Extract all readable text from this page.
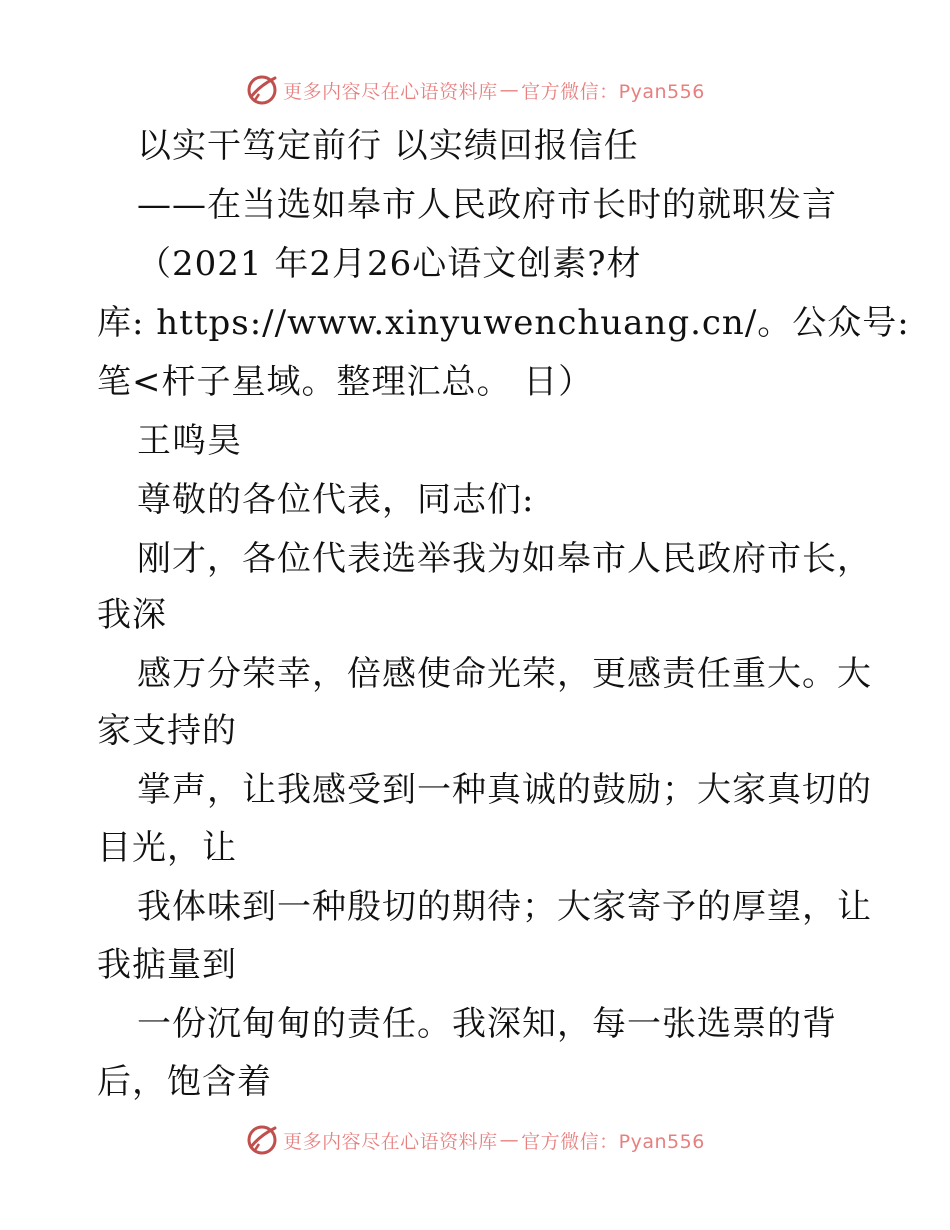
更多内容尽在心语资料库 — 官方微信：Pyan556
以实干笃定前行 以实绩回报信任
——在当选如皋市人民政府市长时的就职发言
（2021 年2月26心语文创素?材
库: https://www.xinyuwenchuang.cn/。公众号:
笔<杆子星域。整理汇总。 日）
王鸣昊
尊敬的各位代表，同志们:
刚才，各位代表选举我为如皋市人民政府市长，
我深
感万分荣幸，倍感使命光荣，更感责任重大。大
家支持的
掌声，让我感受到一种真诚的鼓励；大家真切的
目光，让
我体味到一种殷切的期待；大家寄予的厚望，让
我掂量到
一份沉甸甸的责任。我深知，每一张选票的背
后，饱含着
更多内容尽在心语资料库 — 官方微信：Pyan556
